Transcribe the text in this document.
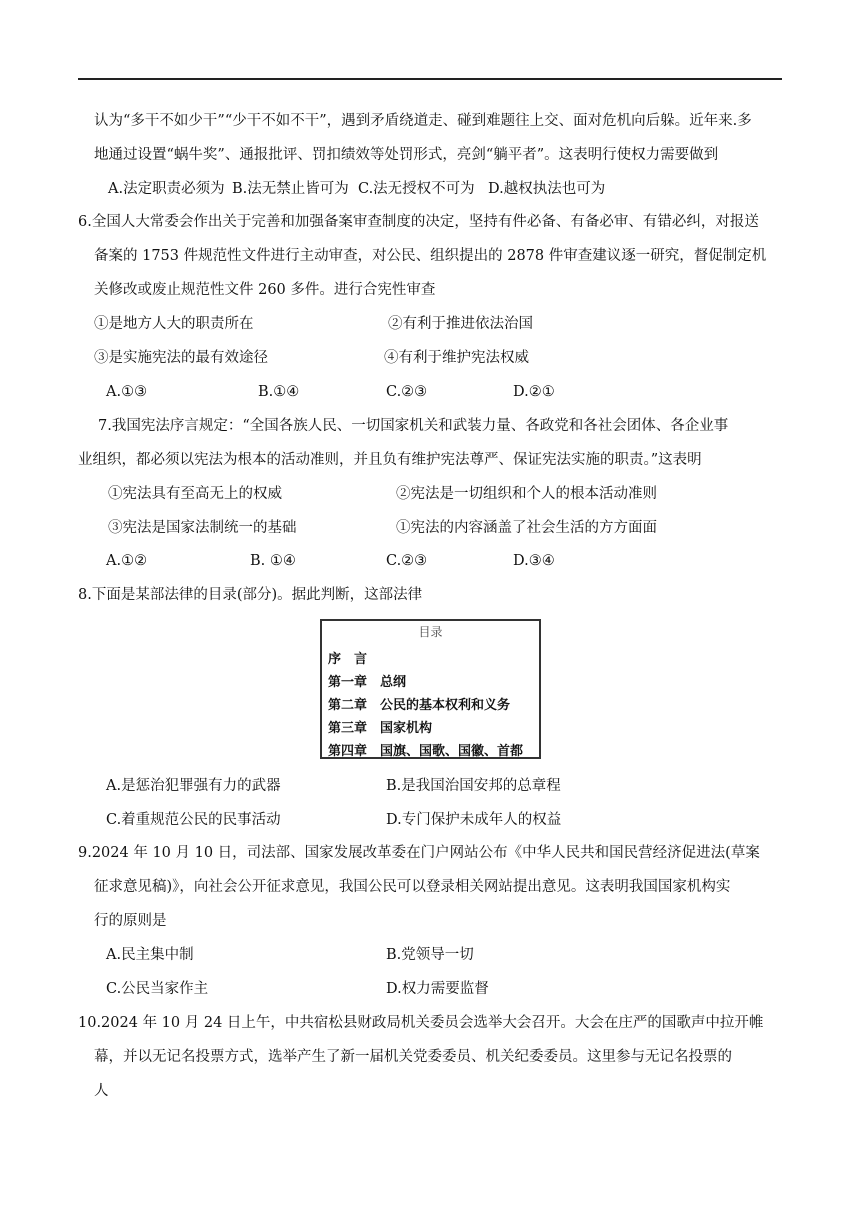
认为“多干不如少干”“少干不如不干”，遇到矛盾绕道走、碰到难题往上交、面对危机向后躲。近年来.多
地通过设置“蜗牛奖”、通报批评、罚扣绩效等处罚形式，亮剑“躺平者”。这表明行使权力需要做到
A.法定职责必须为 B.法无禁止皆可为 C.法无授权不可为 D.越权执法也可为
6.全国人大常委会作出关于完善和加强备案审查制度的决定，坚持有件必备、有备必审、有错必纠，对报送
备案的 1753 件规范性文件进行主动审查，对公民、组织提出的 2878 件审查建议逐一研究，督促制定机
关修改或废止规范性文件 260 多件。进行合宪性审查
①是地方人大的职责所在	②有利于推进依法治国
③是实施宪法的最有效途径	④有利于维护宪法权威
A.①③	B.①④	C.②③	D.②①
7.我国宪法序言规定：“全国各族人民、一切国家机关和武装力量、各政党和各社会团体、各企业事
业组织，都必须以宪法为根本的活动准则，并且负有维护宪法尊严、保证宪法实施的职责。”这表明
①宪法具有至高无上的权威	②宪法是一切组织和个人的根本活动准则
③宪法是国家法制统一的基础	①宪法的内容涵盖了社会生活的方方面面
A.①②	B. ①④	C.②③	D.③④
8.下面是某部法律的目录(部分)。据此判断，这部法律
目录
序　言
第一章　总纲
第二章　公民的基本权利和义务
第三章　国家机构
第四章　国旗、国歌、国徽、首都
A.是惩治犯罪强有力的武器	B.是我国治国安邦的总章程
C.着重规范公民的民事活动	D.专门保护未成年人的权益
9.2024 年 10 月 10 日，司法部、国家发展改革委在门户网站公布《中华人民共和国民营经济促进法(草案
征求意见稿)》，向社会公开征求意见，我国公民可以登录相关网站提出意见。这表明我国国家机构实
行的原则是
A.民主集中制	B.党领导一切
C.公民当家作主	D.权力需要监督
10.2024 年 10 月 24 日上午，中共宿松县财政局机关委员会选举大会召开。大会在庄严的国歌声中拉开帷
幕，并以无记名投票方式，选举产生了新一届机关党委委员、机关纪委委员。这里参与无记名投票的
人
